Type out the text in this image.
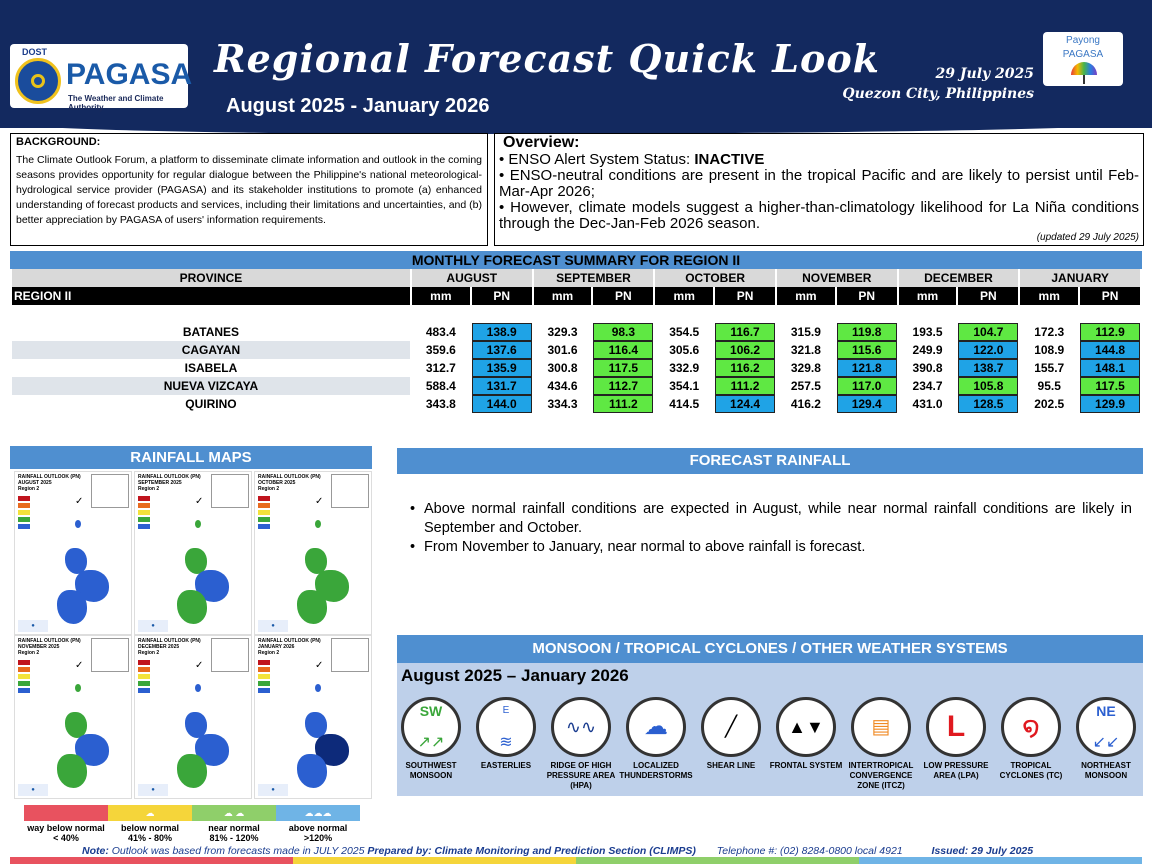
DOST
PAGASA
The Weather and Climate Authority
Regional Forecast Quick Look
August 2025 - January 2026
29 July 2025
Quezon City, Philippines
Payong
PAGASA
BACKGROUND:
The Climate Outlook Forum, a platform to disseminate climate information and outlook in the coming seasons provides opportunity for regular dialogue between the Philippine's national meteorological-hydrological service provider (PAGASA) and its stakeholder institutions to promote (a) enhanced understanding of forecast products and services, including their limitations and uncertainties, and (b) better appreciation by PAGASA of users' information requirements.
Overview:
• ENSO Alert System Status: INACTIVE
• ENSO-neutral conditions are present in the tropical Pacific and are likely to persist until Feb-Mar-Apr 2026;
• However, climate models suggest a higher-than-climatology likelihood for La Niña conditions through the Dec-Jan-Feb 2026 season.
(updated 29 July 2025)
MONTHLY FORECAST SUMMARY FOR REGION II
PROVINCE	AUGUST		SEPTEMBER		OCTOBER		NOVEMBER		DECEMBER		JANUARY	
REGION II	mm	PN	mm	PN	mm	PN	mm	PN	mm	PN	mm	PN

BATANES	483.4	138.9	329.3	98.3	354.5	116.7	315.9	119.8	193.5	104.7	172.3	112.9
CAGAYAN	359.6	137.6	301.6	116.4	305.6	106.2	321.8	115.6	249.9	122.0	108.9	144.8
ISABELA	312.7	135.9	300.8	117.5	332.9	116.2	329.8	121.8	390.8	138.7	155.7	148.1
NUEVA VIZCAYA	588.4	131.7	434.6	112.7	354.1	111.2	257.5	117.0	234.7	105.8	95.5	117.5
QUIRINO	343.8	144.0	334.3	111.2	414.5	124.4	416.2	129.4	431.0	128.5	202.5	129.9
RAINFALL MAPS
RAINFALL OUTLOOK (PN)
AUGUST 2025
Region 2
✓
●
RAINFALL OUTLOOK (PN)
SEPTEMBER 2025
Region 2
✓
●
RAINFALL OUTLOOK (PN)
OCTOBER 2025
Region 2
✓
●
RAINFALL OUTLOOK (PN)
NOVEMBER 2025
Region 2
✓
●
RAINFALL OUTLOOK (PN)
DECEMBER 2025
Region 2
✓
●
RAINFALL OUTLOOK (PN)
JANUARY 2026
Region 2
✓
●
way below normal
< 40%
☁
below normal
41% - 80%
☁ ☁
near normal
81% - 120%
☁☁☁
above normal
>120%
FORECAST RAINFALL
• Above normal rainfall conditions are expected in August, while near normal rainfall conditions are likely in September and October.
• From November to January, near normal to above rainfall is forecast.
MONSOON / TROPICAL CYCLONES / OTHER WEATHER SYSTEMS
August 2025 – January 2026
SW

↗↗
SOUTHWEST MONSOON
E

≋
EASTERLIES
∿∿
RIDGE OF HIGH PRESSURE AREA (HPA)
☁
LOCALIZED THUNDERSTORMS
╱
SHEAR LINE
▲▼
FRONTAL SYSTEM
▤
INTERTROPICAL CONVERGENCE ZONE (ITCZ)
L
LOW PRESSURE AREA (LPA)
໑
TROPICAL CYCLONES (TC)
NE

↙↙
NORTHEAST MONSOON
Note: Outlook was based from forecasts made in JULY 2025 Prepared by: Climate Monitoring and Prediction Section (CLIMPS) Telephone #: (02) 8284-0800 local 4921	Issued: 29 July 2025
